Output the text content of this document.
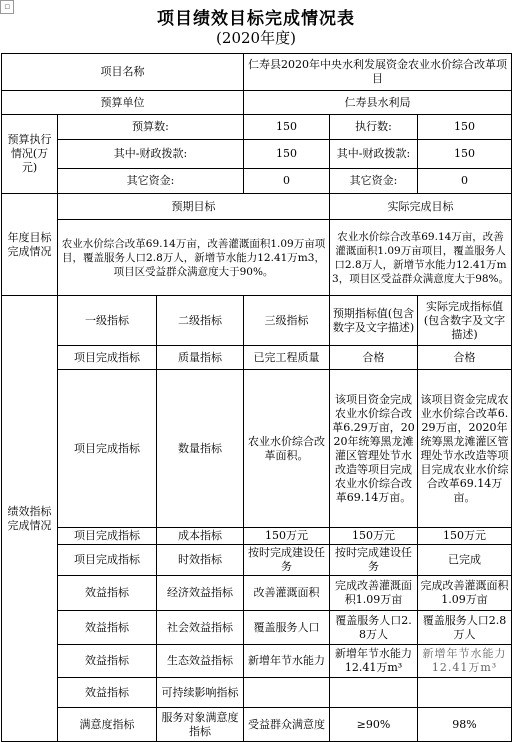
▫
项目绩效目标完成情况表
(2020年度)
项目名称			仁寿县2020年中央水利发展资金农业水价综合改革项目		
预算单位			仁寿县水利局		
预算执行情况(万元)	预算数:		150	执行数:	150
	其中-财政拨款:		150	其中-财政拨款:	150
	其它资金:		0	其它资金:	0
年度目标完成情况	预期目标			实际完成目标	
	农业水价综合改革69.14万亩，改善灌溉面积1.09万亩项目，覆盖服务人口2.8万人，新增节水能力12.41万m3，项目区受益群众满意度大于90%。			农业水价综合改革69.14万亩，改善灌溉面积1.09万亩项目，覆盖服务人口2.8万人，新增节水能力12.41万m3，项目区受益群众满意度大于98%。	
绩效指标完成情况	一级指标	二级指标	三级指标	预期指标值(包含数字及文字描述)	实际完成指标值(包含数字及文字描述)
	项目完成指标	质量指标	已完工程质量	合格	合格
	项目完成指标	数量指标	农业水价综合改革面积。	该项目资金完成农业水价综合改革6.29万亩，2020年统筹黑龙滩灌区管理处节水改造等项目完成农业水价综合改革69.14万亩。	该项目资金完成农业水价综合改革6.29万亩，2020年统筹黑龙滩灌区管理处节水改造等项目完成农业水价综合改革69.14万亩。
	项目完成指标	成本指标	150万元	150万元	150万元
	项目完成指标	时效指标	按时完成建设任务	按时完成建设任务	已完成
	效益指标	经济效益指标	改善灌溉面积	完成改善灌溉面积1.09万亩	完成改善灌溉面积1.09万亩
	效益指标	社会效益指标	覆盖服务人口	覆盖服务人口2.8万人	覆盖服务人口2.8万人
	效益指标	生态效益指标	新增年节水能力	新增年节水能力12.41万m³	新增年节水能力12.41万m³
	效益指标	可持续影响指标			
	满意度指标	服务对象满意度指标	受益群众满意度	≥90%	98%
